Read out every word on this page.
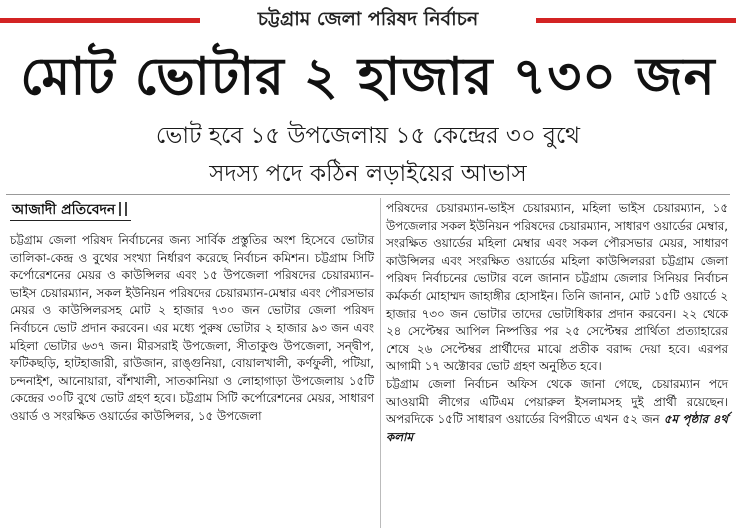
চট্টগ্রাম জেলা পরিষদ নির্বাচন
মোট ভোটার ২ হাজার ৭৩০ জন
ভোট হবে ১৫ উপজেলায় ১৫ কেন্দ্রের ৩০ বুথে
সদস্য পদে কঠিন লড়াইয়ের আভাস
আজাদী প্রতিবেদন

চট্টগ্রাম জেলা পরিষদ নির্বাচনের জন্য সার্বিক প্রস্তুতির অংশ হিসেবে ভোটার তালিকা-কেন্দ্র ও বুথের সংখ্যা নির্ধারণ করেছে নির্বাচন কমিশন। চট্টগ্রাম সিটি কর্পোরেশনের মেয়র ও কাউন্সিলর এবং ১৫ উপজেলা পরিষদের চেয়ারম্যান-ভাইস চেয়ারম্যান, সকল ইউনিয়ন পরিষদের চেয়ারম্যান-মেম্বার এবং পৌরসভার মেয়র ও কাউন্সিলরসহ মোট ২ হাজার ৭৩০ জন ভোটার জেলা পরিষদ নির্বাচনে ভোট প্রদান করবেন। এর মধ্যে পুরুষ ভোটার ২ হাজার ৯৩ জন এবং মহিলা ভোটার ৬৩৭ জন। মীরসরাই উপজেলা, সীতাকুণ্ড উপজেলা, সন্দ্বীপ, ফটিকছড়ি, হাটহাজারী, রাউজান, রাঙ্গুনিয়া, বোয়ালখালী, কর্ণফুলী, পটিয়া, চন্দনাইশ, আনোয়ারা, বাঁশখালী, সাতকানিয়া ও লোহাগাড়া উপজেলায় ১৫টি কেন্দ্রের ৩০টি বুথে ভোট গ্রহণ হবে। চট্টগ্রাম সিটি কর্পোরেশনের মেয়র, সাধারণ ওয়ার্ড ও সংরক্ষিত ওয়ার্ডের কাউন্সিলর, ১৫ উপজেলা

পরিষদের চেয়ারম্যান-ভাইস চেয়ারম্যান, মহিলা ভাইস চেয়ারম্যান, ১৫ উপজেলার সকল ইউনিয়ন পরিষদের চেয়ারম্যান, সাধারণ ওয়ার্ডের মেম্বার, সংরক্ষিত ওয়ার্ডের মহিলা মেম্বার এবং সকল পৌরসভার মেয়র, সাধারণ কাউন্সিলর এবং সংরক্ষিত ওয়ার্ডের মহিলা কাউন্সিলররা চট্টগ্রাম জেলা পরিষদ নির্বাচনের ভোটার বলে জানান চট্টগ্রাম জেলার সিনিয়র নির্বাচন কর্মকর্তা মোহাম্মদ জাহাঙ্গীর হোসাইন। তিনি জানান, মোট ১৫টি ওয়ার্ডে ২ হাজার ৭৩০ জন ভোটার তাদের ভোটাধিকার প্রদান করবেন। ২২ থেকে ২৪ সেপ্টেম্বর আপিল নিষ্পত্তির পর ২৫ সেপ্টেম্বর প্রার্থিতা প্রত্যাহারের শেষে ২৬ সেপ্টেম্বর প্রার্থীদের মাঝে প্রতীক বরাদ্দ দেয়া হবে। এরপর আগামী ১৭ অক্টোবর ভোট গ্রহণ অনুষ্ঠিত হবে।

চট্টগ্রাম জেলা নির্বাচন অফিস থেকে জানা গেছে, চেয়ারম্যান পদে আওয়ামী লীগের এটিএম পেয়ারুল ইসলামসহ দুই প্রার্থী রয়েছেন। অপরদিকে ১৫টি সাধারণ ওয়ার্ডের বিপরীতে এখন ৫২ জন ৫ম পৃষ্ঠার ৪র্থ কলাম
